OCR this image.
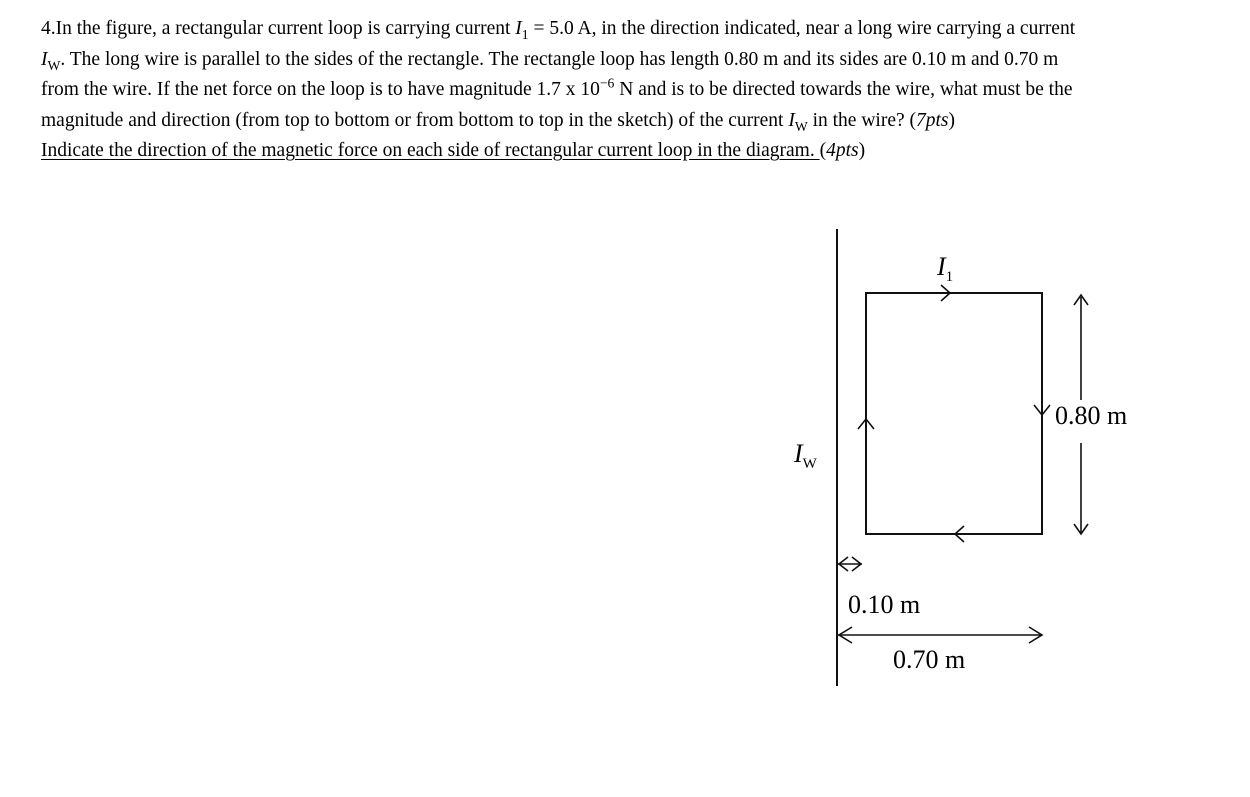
4.In the figure, a rectangular current loop is carrying current $I_1 = 5.0$ A, in the direction indicated, near a long wire carrying a current
$I_W$. The long wire is parallel to the sides of the rectangle. The rectangle loop has length 0.80 m and its sides are 0.10 m and 0.70 m
from the wire. If the net force on the loop is to have magnitude 1.7 x $10^{-6}$ N and is to be directed towards the wire, what must be the
magnitude and direction (from top to bottom or from bottom to top in the sketch) of the current $I_W$ in the wire? (7pts)
Indicate the direction of the magnetic force on each side of rectangular current loop in the diagram. (4pts)
$I_1$
$I_W$
0.80 m
0.10 m
0.70 m
